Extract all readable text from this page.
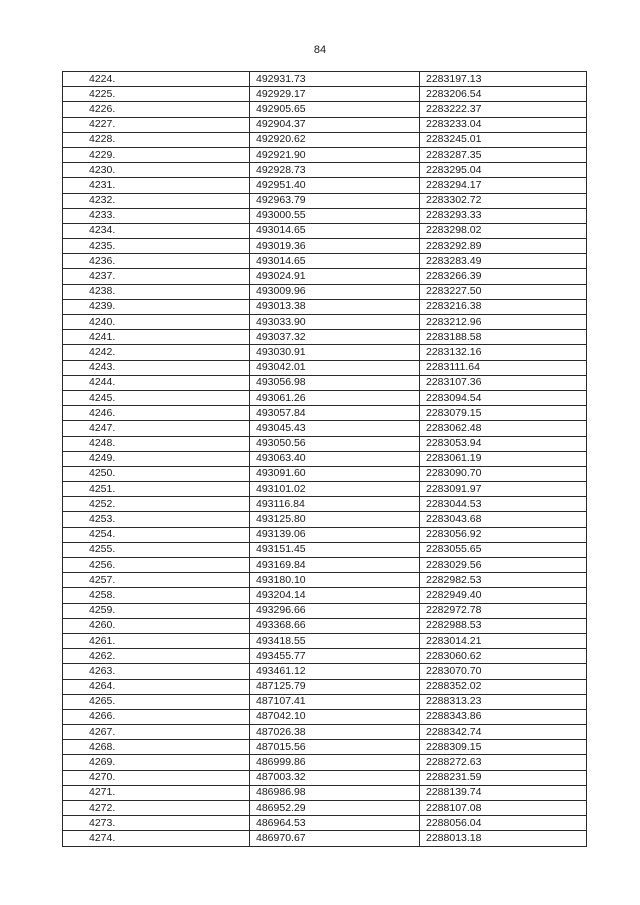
84
4224.	492931.73	2283197.13
4225.	492929.17	2283206.54
4226.	492905.65	2283222.37
4227.	492904.37	2283233.04
4228.	492920.62	2283245.01
4229.	492921.90	2283287.35
4230.	492928.73	2283295.04
4231.	492951.40	2283294.17
4232.	492963.79	2283302.72
4233.	493000.55	2283293.33
4234.	493014.65	2283298.02
4235.	493019.36	2283292.89
4236.	493014.65	2283283.49
4237.	493024.91	2283266.39
4238.	493009.96	2283227.50
4239.	493013.38	2283216.38
4240.	493033.90	2283212.96
4241.	493037.32	2283188.58
4242.	493030.91	2283132.16
4243.	493042.01	2283111.64
4244.	493056.98	2283107.36
4245.	493061.26	2283094.54
4246.	493057.84	2283079.15
4247.	493045.43	2283062.48
4248.	493050.56	2283053.94
4249.	493063.40	2283061.19
4250.	493091.60	2283090.70
4251.	493101.02	2283091.97
4252.	493116.84	2283044.53
4253.	493125.80	2283043.68
4254.	493139.06	2283056.92
4255.	493151.45	2283055.65
4256.	493169.84	2283029.56
4257.	493180.10	2282982.53
4258.	493204.14	2282949.40
4259.	493296.66	2282972.78
4260.	493368.66	2282988.53
4261.	493418.55	2283014.21
4262.	493455.77	2283060.62
4263.	493461.12	2283070.70
4264.	487125.79	2288352.02
4265.	487107.41	2288313.23
4266.	487042.10	2288343.86
4267.	487026.38	2288342.74
4268.	487015.56	2288309.15
4269.	486999.86	2288272.63
4270.	487003.32	2288231.59
4271.	486986.98	2288139.74
4272.	486952.29	2288107.08
4273.	486964.53	2288056.04
4274.	486970.67	2288013.18
